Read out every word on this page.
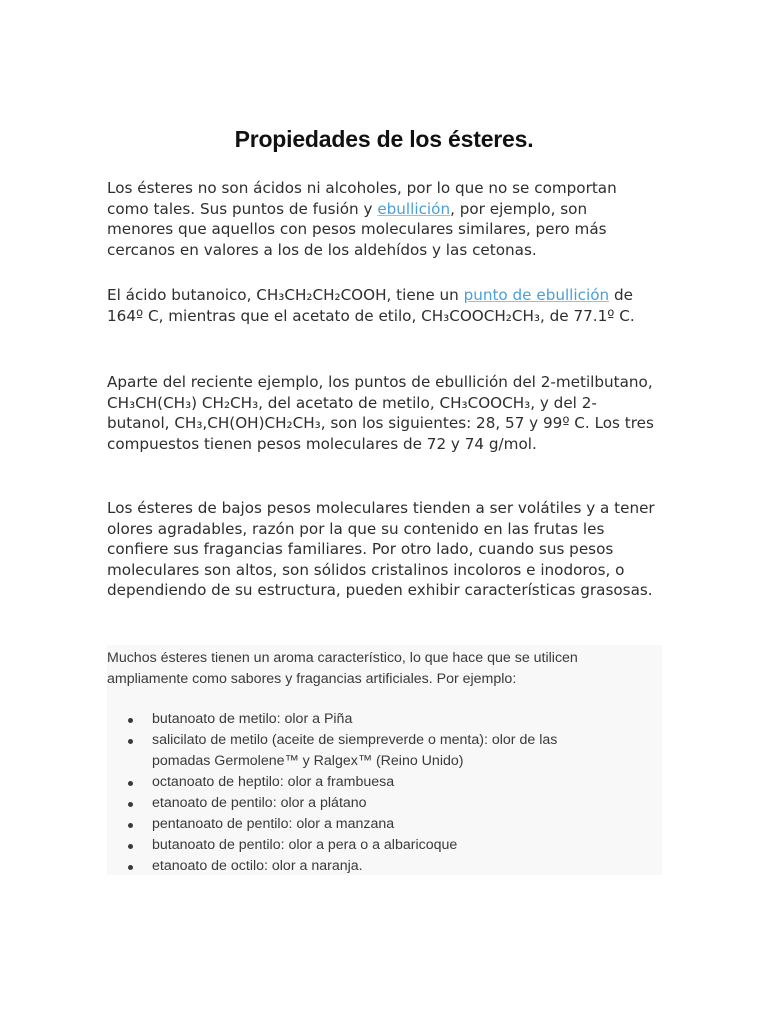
Propiedades de los ésteres.

Los ésteres no son ácidos ni alcoholes, por lo que no se comportan como tales. Sus puntos de fusión y ebullición, por ejemplo, son menores que aquellos con pesos moleculares similares, pero más cercanos en valores a los de los aldehídos y las cetonas.

El ácido butanoico, CH₃CH₂CH₂COOH, tiene un punto de ebullición de 164º C, mientras que el acetato de etilo, CH₃COOCH₂CH₃, de 77.1º C.

Aparte del reciente ejemplo, los puntos de ebullición del 2-metilbutano, CH₃CH(CH₃) CH₂CH₃, del acetato de metilo, CH₃COOCH₃, y del 2-butanol, CH₃,CH(OH)CH₂CH₃, son los siguientes: 28, 57 y 99º C. Los tres compuestos tienen pesos moleculares de 72 y 74 g/mol.

Los ésteres de bajos pesos moleculares tienden a ser volátiles y a tener olores agradables, razón por la que su contenido en las frutas les confiere sus fragancias familiares. Por otro lado, cuando sus pesos moleculares son altos, son sólidos cristalinos incoloros e inodoros, o dependiendo de su estructura, pueden exhibir características grasosas.

Muchos ésteres tienen un aroma característico, lo que hace que se utilicen ampliamente como sabores y fragancias artificiales. Por ejemplo:

butanoato de metilo: olor a Piña
salicilato de metilo (aceite de siempreverde o menta): olor de las pomadas Germolene™ y Ralgex™ (Reino Unido)
octanoato de heptilo: olor a frambuesa
etanoato de pentilo: olor a plátano
pentanoato de pentilo: olor a manzana
butanoato de pentilo: olor a pera o a albaricoque
etanoato de octilo: olor a naranja.
